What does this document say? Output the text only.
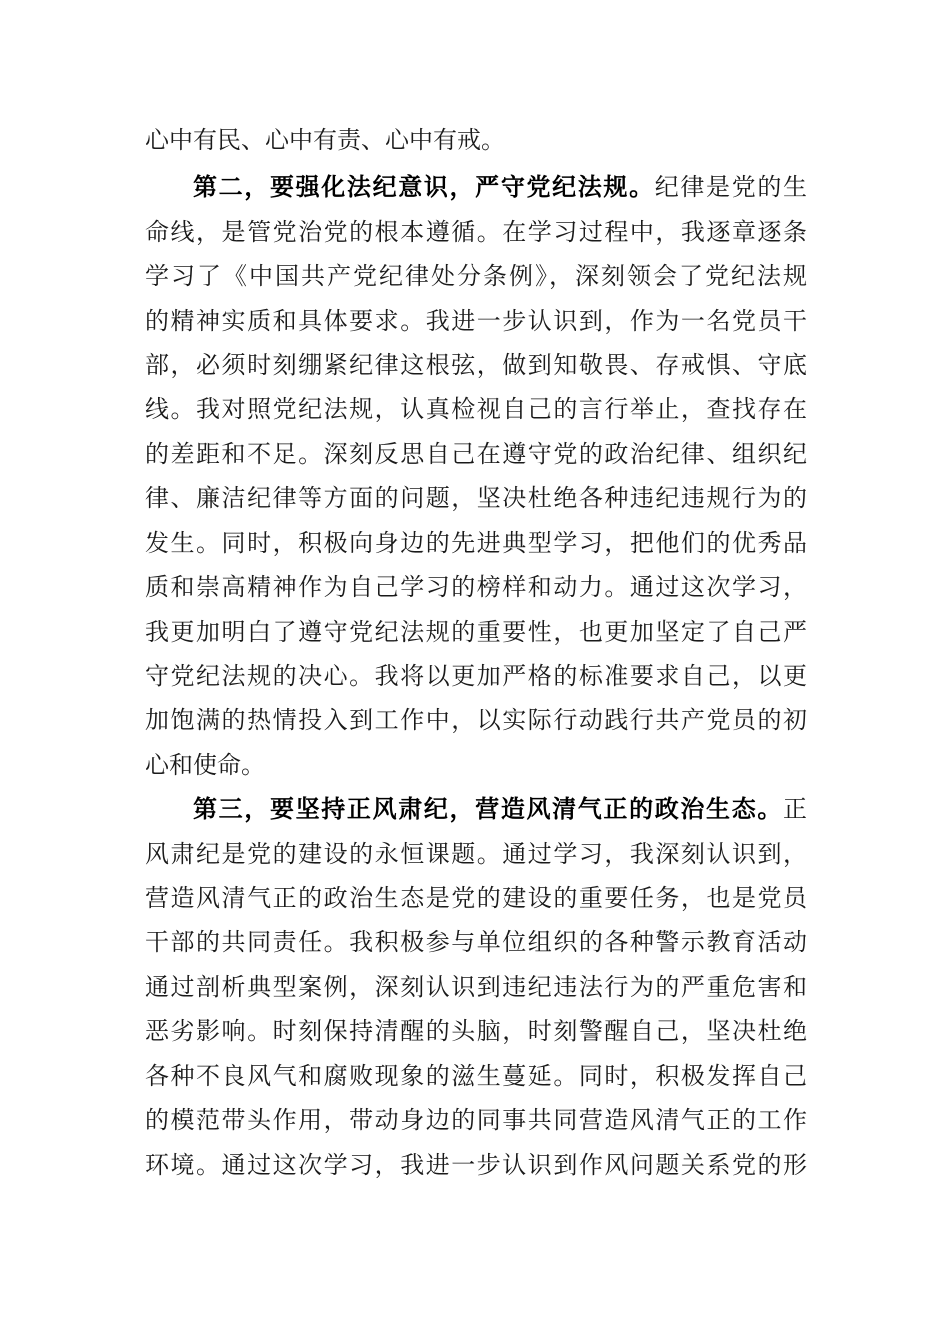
心中有民、心中有责、心中有戒。
第二，要强化法纪意识，严守党纪法规。纪律是党的生
命线，是管党治党的根本遵循。在学习过程中，我逐章逐条
学习了《中国共产党纪律处分条例》，深刻领会了党纪法规
的精神实质和具体要求。我进一步认识到，作为一名党员干
部，必须时刻绷紧纪律这根弦，做到知敬畏、存戒惧、守底
线。我对照党纪法规，认真检视自己的言行举止，查找存在
的差距和不足。深刻反思自己在遵守党的政治纪律、组织纪
律、廉洁纪律等方面的问题，坚决杜绝各种违纪违规行为的
发生。同时，积极向身边的先进典型学习，把他们的优秀品
质和崇高精神作为自己学习的榜样和动力。通过这次学习，
我更加明白了遵守党纪法规的重要性，也更加坚定了自己严
守党纪法规的决心。我将以更加严格的标准要求自己，以更
加饱满的热情投入到工作中，以实际行动践行共产党员的初
心和使命。
第三，要坚持正风肃纪，营造风清气正的政治生态。正
风肃纪是党的建设的永恒课题。通过学习，我深刻认识到，
营造风清气正的政治生态是党的建设的重要任务，也是党员
干部的共同责任。我积极参与单位组织的各种警示教育活动
通过剖析典型案例，深刻认识到违纪违法行为的严重危害和
恶劣影响。时刻保持清醒的头脑，时刻警醒自己，坚决杜绝
各种不良风气和腐败现象的滋生蔓延。同时，积极发挥自己
的模范带头作用，带动身边的同事共同营造风清气正的工作
环境。通过这次学习，我进一步认识到作风问题关系党的形
